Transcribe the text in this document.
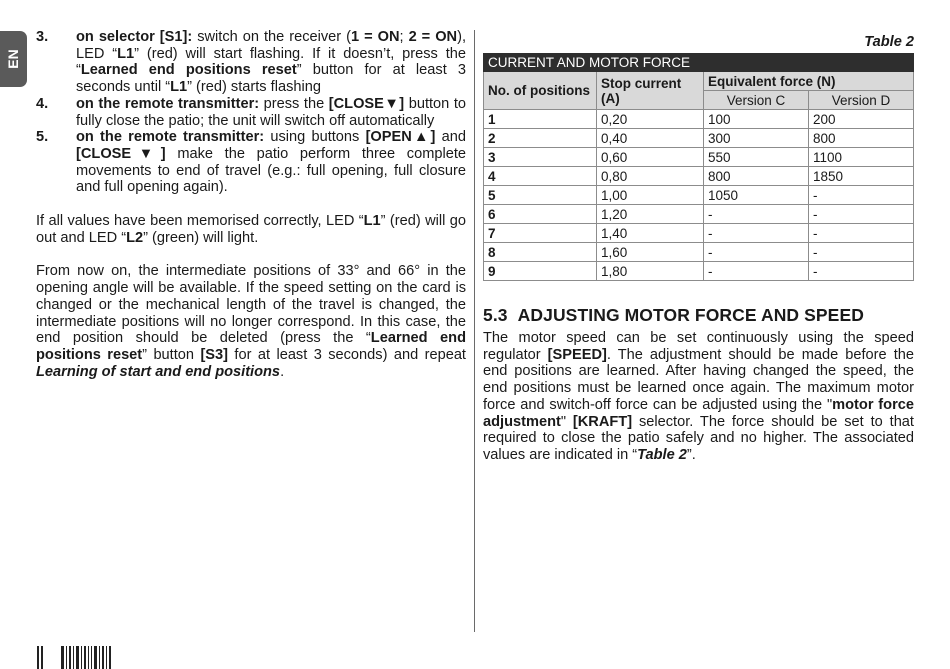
EN
3.	on selector [S1]: switch on the receiver (1 = ON; 2 = ON), LED “L1” (red) will start flashing. If it doesn’t, press the “Learned end positions reset” button for at least 3 seconds until “L1” (red) starts flashing
4.	on the remote transmitter: press the [CLOSE▼] button to fully close the patio; the unit will switch off automatically
5.	on the remote transmitter: using buttons [OPEN▲] and [CLOSE▼] make the patio perform three complete movements to end of travel (e.g.: full opening, full closure and full opening again).
If all values have been memorised correctly, LED “L1” (red) will go out and LED “L2” (green) will light.
From now on, the intermediate positions of 33° and 66° in the opening angle will be available. If the speed setting on the card is changed or the mechanical length of the travel is changed, the intermediate positions will no longer correspond. In this case, the end position should be deleted (press the “Learned end positions reset” button [S3] for at least 3 seconds) and repeat Learning of start and end positions.
Table 2
CURRENT AND MOTOR FORCE			
No. of positions	Stop current (A)	Equivalent force (N)	
		Version C	Version D
1	0,20	100	200
2	0,40	300	800
3	0,60	550	1100
4	0,80	800	1850
5	1,00	1050	-
6	1,20	-	-
7	1,40	-	-
8	1,60	-	-
9	1,80	-	-
5.3 ADJUSTING MOTOR FORCE AND SPEED
The motor speed can be set continuously using the speed regulator [SPEED]. The adjustment should be made before the end positions are learned. After having changed the speed, the end positions must be learned once again. The maximum motor force and switch-off force can be adjusted using the "motor force adjustment" [KRAFT] selector. The force should be set to that required to close the patio safely and no higher. The associated values are indicated in “Table 2”.
